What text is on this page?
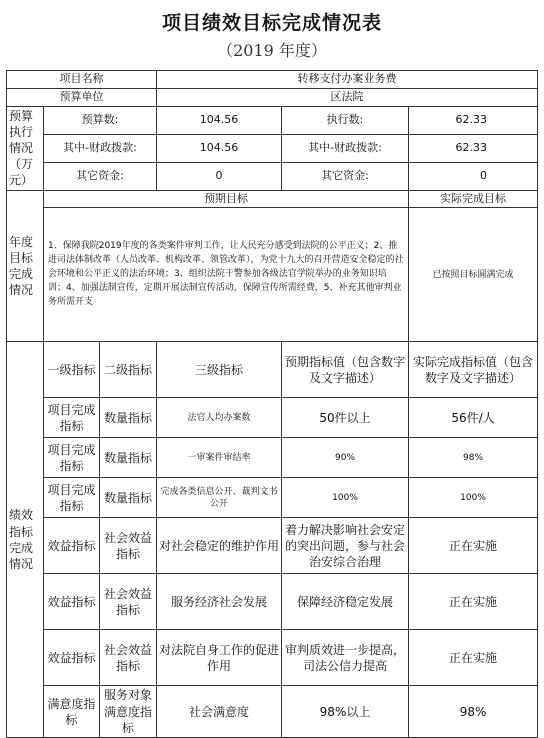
项目绩效目标完成情况表
（2019 年度）
项目名称			转移支付办案业务费		
预算单位			区法院		
预算执行情况（万元）	预算数:		104.56	执行数:	62.33
	其中-财政拨款:		104.56	其中-财政拨款:	62.33
	其它资金:		0	其它资金:	0
年度目标完成情况	预期目标				实际完成目标
	1、保障我院2019年度的各类案件审判工作，让人民充分感受到法院的公平正义；2、推进司法体制改革（人员改革、机构改革、领管改革），为党十九大的召开营造安全稳定的社会环境和公平正义的法治环境；3、组织法院干警参加各级法官学院举办的业务知识培训；4、加强法制宣传，定期开展法制宣传活动，保障宣传所需经费，5、补充其他审判业务所需开支				已按照目标圆满完成
绩效指标完成情况	一级指标	二级指标	三级指标	预期指标值（包含数字及文字描述）	实际完成指标值（包含数字及文字描述）
	项目完成指标	数量指标	法官人均办案数	50件以上	56件/人
	项目完成指标	数量指标	一审案件审结率	90%	98%
	项目完成指标	数量指标	完成各类信息公开、裁判文书公开	100%	100%
	效益指标	社会效益指标	对社会稳定的维护作用	着力解决影响社会安定的突出问题，参与社会治安综合治理	正在实施
	效益指标	社会效益指标	服务经济社会发展	保障经济稳定发展	正在实施
	效益指标	社会效益指标	对法院自身工作的促进作用	审判质效进一步提高，司法公信力提高	正在实施
	满意度指标	服务对象满意度指标	社会满意度	98%以上	98%
